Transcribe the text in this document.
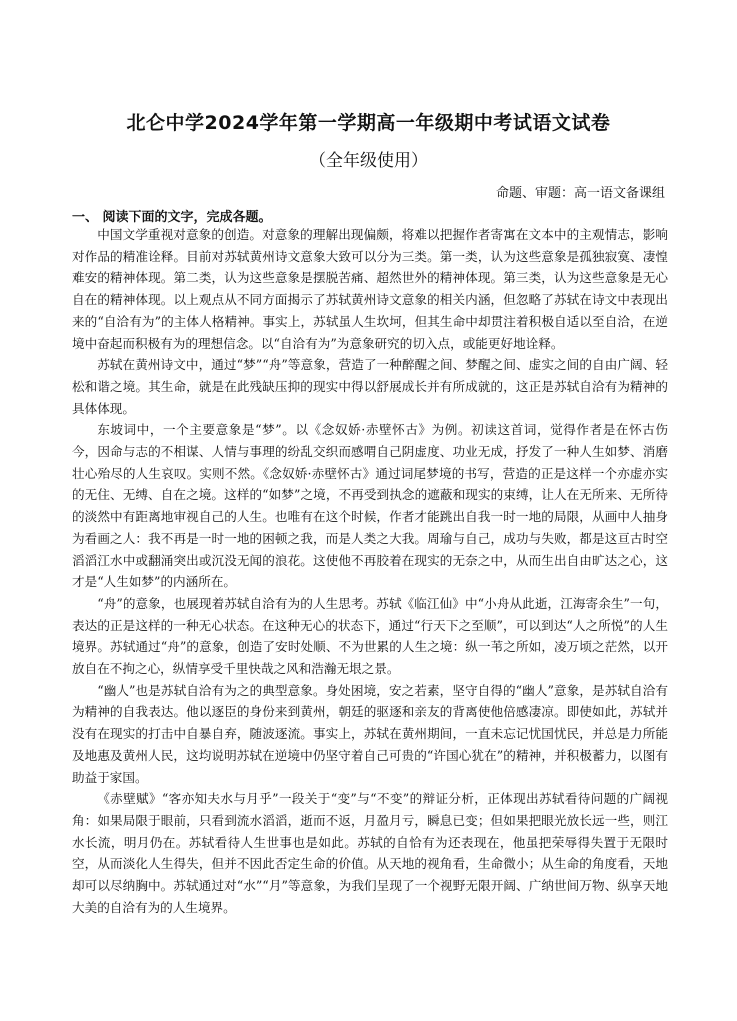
北仑中学2024学年第一学期高一年级期中考试语文试卷
（全年级使用）
命题、审题：高一语文备课组
一、 阅读下面的文字，完成各题。

中国文学重视对意象的创造。对意象的理解出现偏颇，将难以把握作者寄寓在文本中的主观情志，影响对作品的精准诠释。目前对苏轼黄州诗文意象大致可以分为三类。第一类，认为这些意象是孤独寂寞、凄惶难安的精神体现。第二类，认为这些意象是摆脱苦痛、超然世外的精神体现。第三类，认为这些意象是无心自在的精神体现。以上观点从不同方面揭示了苏轼黄州诗文意象的相关内涵，但忽略了苏轼在诗文中表现出来的“自洽有为”的主体人格精神。事实上，苏轼虽人生坎坷，但其生命中却贯注着积极自适以至自洽，在逆境中奋起而积极有为的理想信念。以“自洽有为”为意象研究的切入点，或能更好地诠释。

苏轼在黄州诗文中，通过“梦”“舟”等意象，营造了一种醉醒之间、梦醒之间、虚实之间的自由广阔、轻松和谐之境。其生命，就是在此残缺压抑的现实中得以舒展成长并有所成就的，这正是苏轼自洽有为精神的具体体现。

东坡词中，一个主要意象是“梦”。以《念奴娇·赤壁怀古》为例。初读这首词，觉得作者是在怀古伤今，因命与志的不相谋、人情与事理的纷乱交织而感喟自己阴虚度、功业无成，抒发了一种人生如梦、消磨壮心殆尽的人生哀叹。实则不然。《念奴娇·赤壁怀古》通过词尾梦境的书写，营造的正是这样一个亦虚亦实的无住、无缚、自在之境。这样的“如梦”之境，不再受到执念的遮蔽和现实的束缚，让人在无所来、无所待的淡然中有距离地审视自己的人生。也唯有在这个时候，作者才能跳出自我一时一地的局限，从画中人抽身为看画之人：我不再是一时一地的困顿之我，而是人类之大我。周瑜与自己，成功与失败，都是这亘古时空滔滔江水中或翻涌突出或沉没无闻的浪花。这使他不再胶着在现实的无奈之中，从而生出自由旷达之心，这才是“人生如梦”的内涵所在。

“舟”的意象，也展现着苏轼自洽有为的人生思考。苏轼《临江仙》中“小舟从此逝，江海寄余生”一句，表达的正是这样的一种无心状态。在这种无心的状态下，通过“行天下之至顺”，可以到达“人之所悦”的人生境界。苏轼通过“舟”的意象，创造了安时处顺、不为世累的人生之境：纵一苇之所如，凌万顷之茫然，以开放自在不拘之心，纵情享受千里快哉之风和浩瀚无垠之景。

“幽人”也是苏轼自洽有为之的典型意象。身处困境，安之若素，坚守自得的“幽人”意象，是苏轼自洽有为精神的自我表达。他以逐臣的身份来到黄州，朝廷的驱逐和亲友的背离使他倍感凄凉。即使如此，苏轼并没有在现实的打击中自暴自弃，随波逐流。事实上，苏轼在黄州期间，一直未忘记忧国忧民，并总是力所能及地惠及黄州人民，这均说明苏轼在逆境中仍坚守着自己可贵的“许国心犹在”的精神，并积极蓄力，以图有助益于家国。

《赤壁赋》“客亦知夫水与月乎”一段关于“变”与“不变”的辩证分析，正体现出苏轼看待问题的广阔视角：如果局限于眼前，只看到流水滔滔，逝而不返，月盈月亏，瞬息已变；但如果把眼光放长远一些，则江水长流，明月仍在。苏轼看待人生世事也是如此。苏轼的自恰有为还表现在，他虽把荣辱得失置于无限时空，从而淡化人生得失，但并不因此否定生命的价值。从天地的视角看，生命微小；从生命的角度看，天地却可以尽纳胸中。苏轼通过对“水”“月”等意象，为我们呈现了一个视野无限开阔、广纳世间万物、纵享天地大美的自洽有为的人生境界。
